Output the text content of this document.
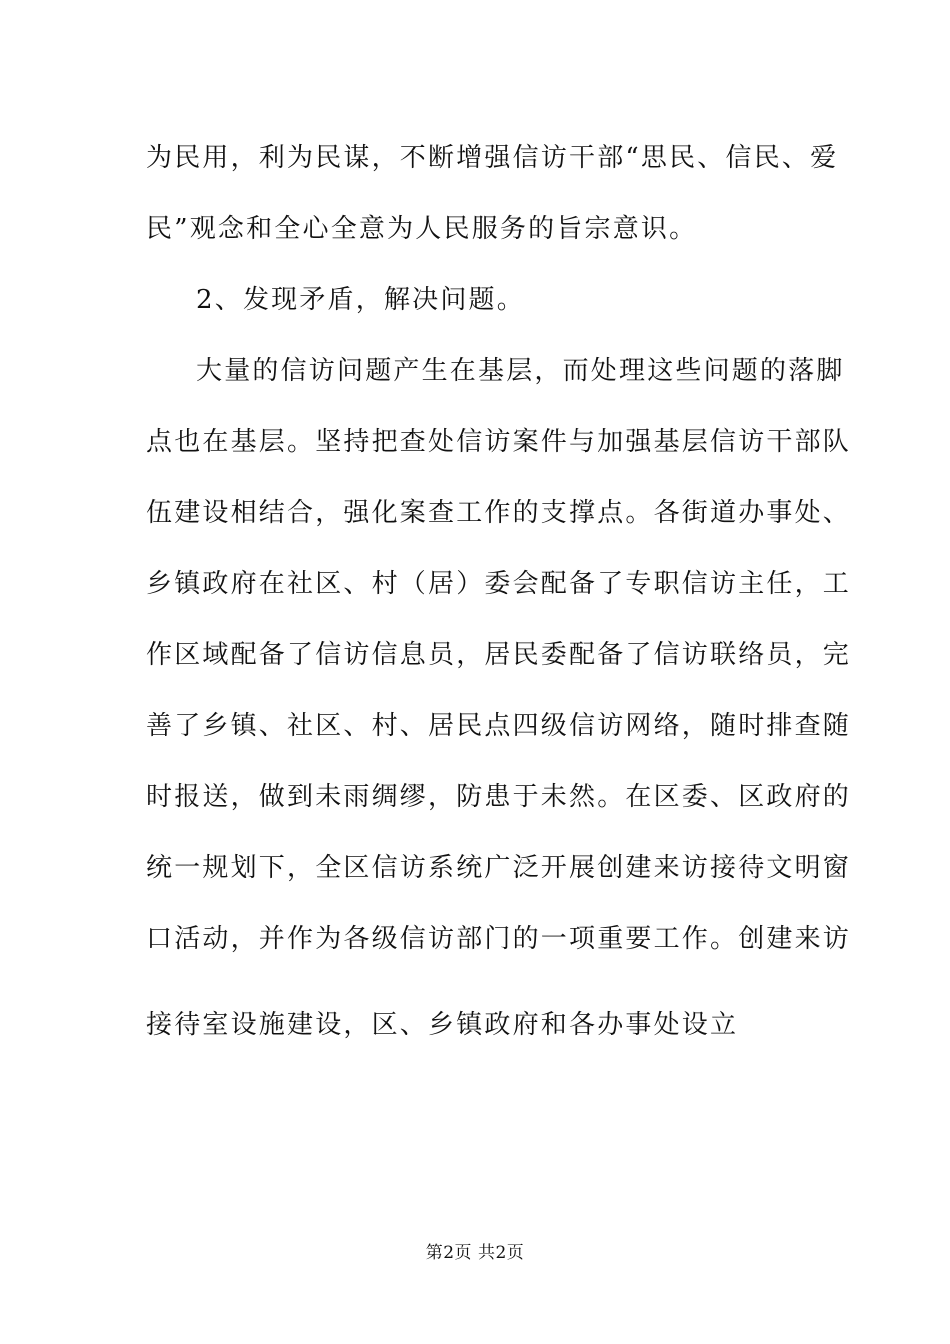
为民用，利为民谋，不断增强信访干部“思民、信民、爱
民”观念和全心全意为人民服务的旨宗意识。
2、发现矛盾，解决问题。
大量的信访问题产生在基层，而处理这些问题的落脚
点也在基层。坚持把查处信访案件与加强基层信访干部队
伍建设相结合，强化案查工作的支撑点。各街道办事处、
乡镇政府在社区、村（居）委会配备了专职信访主任，工
作区域配备了信访信息员，居民委配备了信访联络员，完
善了乡镇、社区、村、居民点四级信访网络，随时排查随
时报送，做到未雨绸缪，防患于未然。在区委、区政府的
统一规划下，全区信访系统广泛开展创建来访接待文明窗
口活动，并作为各级信访部门的一项重要工作。创建来访
接待室设施建设，区、乡镇政府和各办事处设立
第2页 共2页
